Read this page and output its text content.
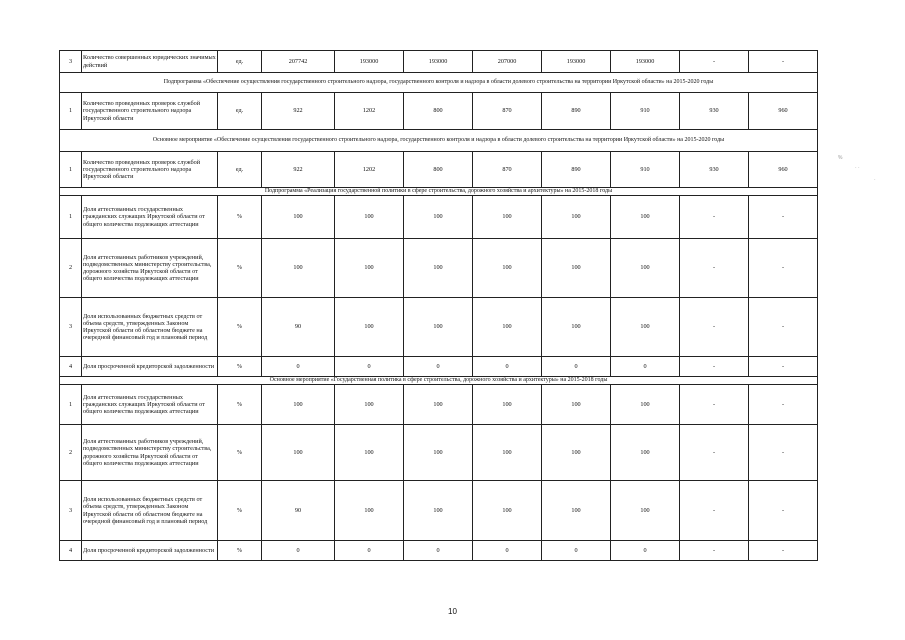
3	Количество совершенных юридических значимых действий	ед.	207742	193000	193000	207000	193000	193000	-	-
Подпрограмма «Обеспечение осуществления государственного строительного надзора, государственного контроля и надзора в области долевого строительства на территории Иркутской области» на 2015-2020 годы										
1	Количество проведенных проверок службой государственного строительного надзора Иркутской области	ед.	922	1202	800	870	890	910	930	960
Основное мероприятие «Обеспечение осуществления государственного строительного надзора, государственного контроля и надзора в области долевого строительства на территории Иркутской области» на 2015-2020 годы										
1	Количество проведенных проверок службой государственного строительного надзора Иркутской области	ед.	922	1202	800	870	890	910	930	960
Подпрограмма «Реализация государственной политики в сфере строительства, дорожного хозяйства и архитектуры» на 2015-2018 годы										
1	Доля аттестованных государственных гражданских служащих Иркутской области от общего количества подлежащих аттестации	%	100	100	100	100	100	100	-	-
2	Доля аттестованных работников учреждений, подведомственных министерству строительства, дорожного хозяйства Иркутской области от общего количества подлежащих аттестации	%	100	100	100	100	100	100	-	-
3	Доля использованных бюджетных средств от объема средств, утвержденных Законом Иркутской области об областном бюджете на очередной финансовый год и плановый период	%	90	100	100	100	100	100	-	-
4	Доля просроченной кредиторской задолженности	%	0	0	0	0	0	0	-	-
Основное мероприятие «Государственная политика в сфере строительства, дорожного хозяйства и архитектуры» на 2015-2018 годы										
1	Доля аттестованных государственных гражданских служащих Иркутской области от общего количества подлежащих аттестации	%	100	100	100	100	100	100	-	-
2	Доля аттестованных работников учреждений, подведомственных министерству строительства, дорожного хозяйства Иркутской области от общего количества подлежащих аттестации	%	100	100	100	100	100	100	-	-
3	Доля использованных бюджетных средств от объема средств, утвержденных Законом Иркутской области об областном бюджете на очередной финансовый год и плановый период	%	90	100	100	100	100	100	-	-
4	Доля просроченной кредиторской задолженности	%	0	0	0	0	0	0	-	-
10
%
· ·
·
